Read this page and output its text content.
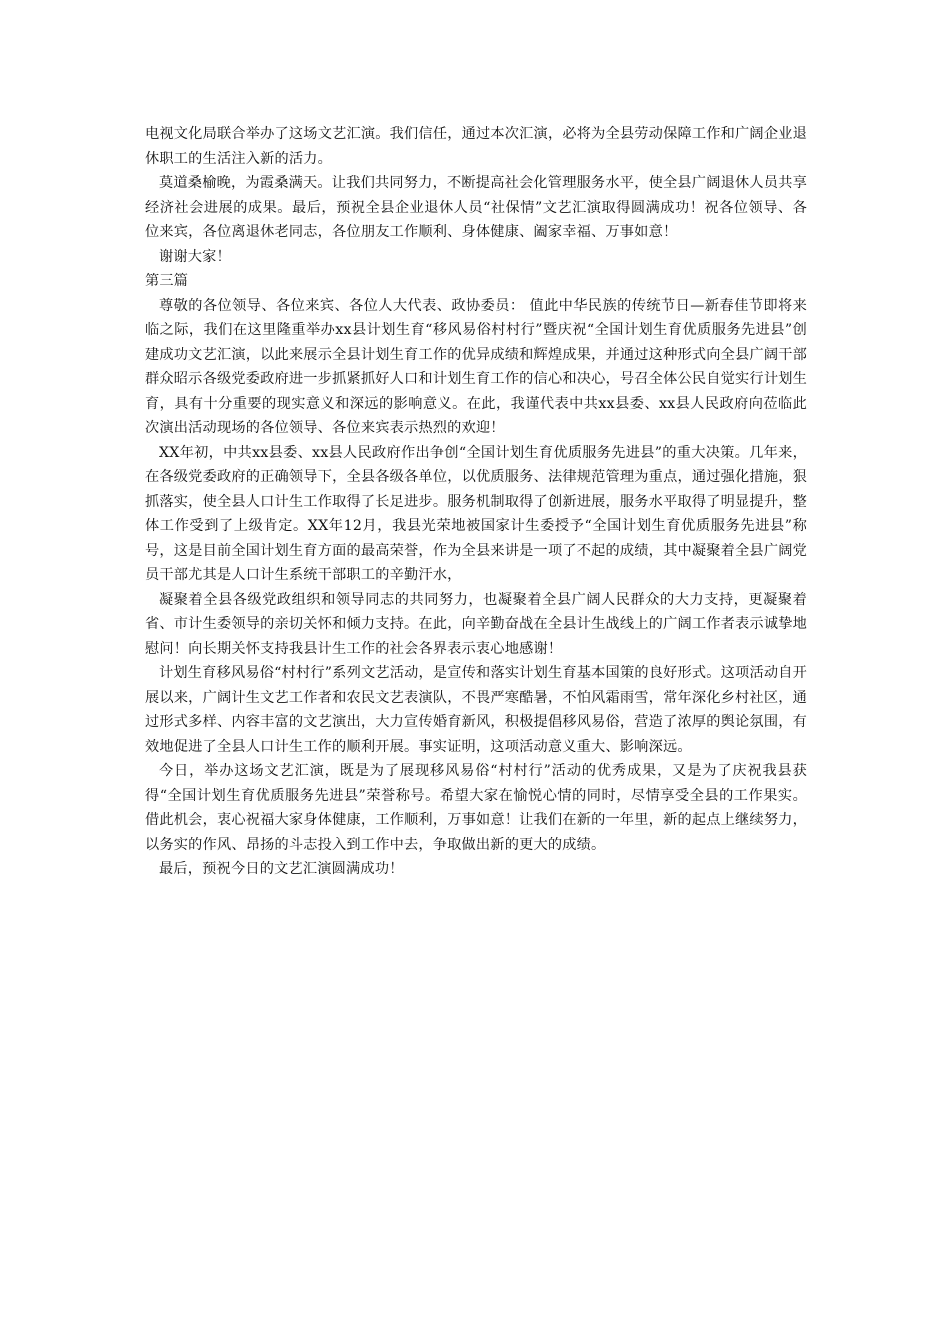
电视文化局联合举办了这场文艺汇演。我们信任，通过本次汇演，必将为全县劳动保障工作和广阔企业退休职工的生活注入新的活力。

莫道桑榆晚，为霞桑满天。让我们共同努力，不断提高社会化管理服务水平，使全县广阔退休人员共享经济社会进展的成果。最后，预祝全县企业退休人员“社保情”文艺汇演取得圆满成功！祝各位领导、各位来宾，各位离退休老同志，各位朋友工作顺利、身体健康、阖家幸福、万事如意！

谢谢大家！

第三篇

尊敬的各位领导、各位来宾、各位人大代表、政协委员： 值此中华民族的传统节日—新春佳节即将来临之际，我们在这里隆重举办xx县计划生育“移风易俗村村行”暨庆祝“全国计划生育优质服务先进县”创建成功文艺汇演，以此来展示全县计划生育工作的优异成绩和辉煌成果，并通过这种形式向全县广阔干部群众昭示各级党委政府进一步抓紧抓好人口和计划生育工作的信心和决心，号召全体公民自觉实行计划生育，具有十分重要的现实意义和深远的影响意义。在此，我谨代表中共xx县委、xx县人民政府向莅临此次演出活动现场的各位领导、各位来宾表示热烈的欢迎！

XX年初，中共xx县委、xx县人民政府作出争创“全国计划生育优质服务先进县”的重大决策。几年来，在各级党委政府的正确领导下，全县各级各单位，以优质服务、法律规范管理为重点，通过强化措施，狠抓落实，使全县人口计生工作取得了长足进步。服务机制取得了创新进展，服务水平取得了明显提升，整体工作受到了上级肯定。XX年12月，我县光荣地被国家计生委授予“全国计划生育优质服务先进县”称号，这是目前全国计划生育方面的最高荣誉，作为全县来讲是一项了不起的成绩，其中凝聚着全县广阔党员干部尤其是人口计生系统干部职工的辛勤汗水，

凝聚着全县各级党政组织和领导同志的共同努力，也凝聚着全县广阔人民群众的大力支持，更凝聚着省、市计生委领导的亲切关怀和倾力支持。在此，向辛勤奋战在全县计生战线上的广阔工作者表示诚挚地慰问！向长期关怀支持我县计生工作的社会各界表示衷心地感谢！

计划生育移风易俗“村村行”系列文艺活动，是宣传和落实计划生育基本国策的良好形式。这项活动自开展以来，广阔计生文艺工作者和农民文艺表演队，不畏严寒酷暑，不怕风霜雨雪，常年深化乡村社区，通过形式多样、内容丰富的文艺演出，大力宣传婚育新风，积极提倡移风易俗，营造了浓厚的舆论氛围，有效地促进了全县人口计生工作的顺利开展。事实证明，这项活动意义重大、影响深远。

今日，举办这场文艺汇演，既是为了展现移风易俗“村村行”活动的优秀成果，又是为了庆祝我县获得“全国计划生育优质服务先进县”荣誉称号。希望大家在愉悦心情的同时，尽情享受全县的工作果实。借此机会，衷心祝福大家身体健康，工作顺利，万事如意！让我们在新的一年里，新的起点上继续努力，以务实的作风、昂扬的斗志投入到工作中去，争取做出新的更大的成绩。

最后，预祝今日的文艺汇演圆满成功！
